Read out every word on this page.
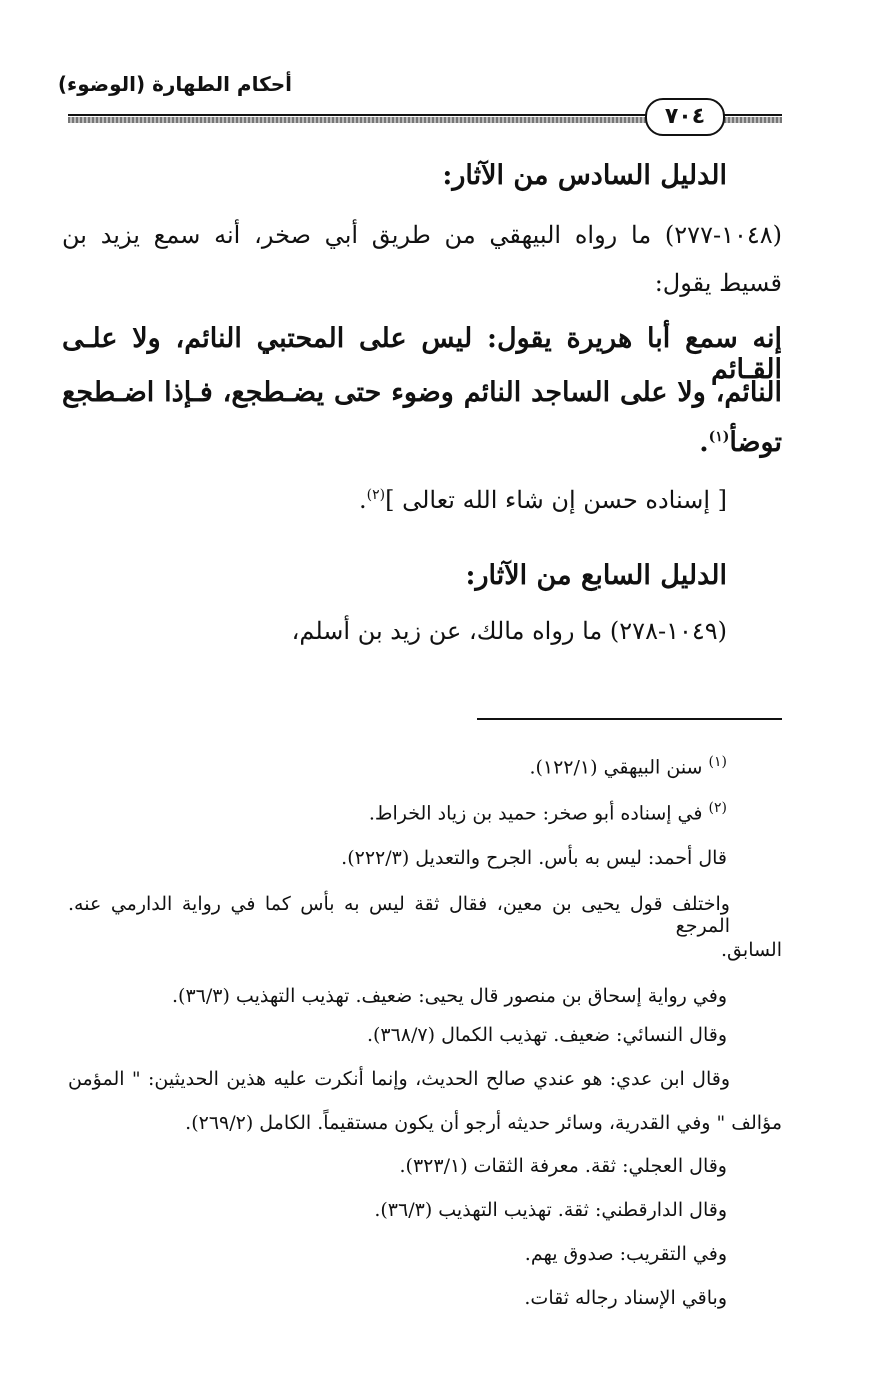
أحكام الطهارة (الوضوء)
٧٠٤
الدليل السادس من الآثار:
(١٠٤٨-٢٧٧) ما رواه البيهقي من طريق أبي صخر، أنه سمع يزيد بن
قسيط يقول:
إنه سمع أبا هريرة يقول: ليس على المحتبي النائم، ولا علـى القـائم
النائم، ولا على الساجد النائم وضوء حتى يضـطجع، فـإذا اضـطجع
توضأ$^{(١)}$.
[ إسناده حسن إن شاء الله تعالى ]$^{(٢)}$.
الدليل السابع من الآثار:
(١٠٤٩-٢٧٨) ما رواه مالك، عن زيد بن أسلم،
$^{(١)}$ سنن البيهقي (١٢٢/١).
$^{(٢)}$ في إسناده أبو صخر: حميد بن زياد الخراط.
قال أحمد: ليس به بأس. الجرح والتعديل (٢٢٢/٣).
واختلف قول يحيى بن معين، فقال ثقة ليس به بأس كما في رواية الدارمي عنه. المرجع
السابق.
وفي رواية إسحاق بن منصور قال يحيى: ضعيف. تهذيب التهذيب (٣٦/٣).
وقال النسائي: ضعيف. تهذيب الكمال (٣٦٨/٧).
وقال ابن عدي: هو عندي صالح الحديث، وإنما أنكرت عليه هذين الحديثين: " المؤمن
مؤالف " وفي القدرية، وسائر حديثه أرجو أن يكون مستقيماً. الكامل (٢٦٩/٢).
وقال العجلي: ثقة. معرفة الثقات (٣٢٣/١).
وقال الدارقطني: ثقة. تهذيب التهذيب (٣٦/٣).
وفي التقريب: صدوق يهم.
وباقي الإسناد رجاله ثقات.
